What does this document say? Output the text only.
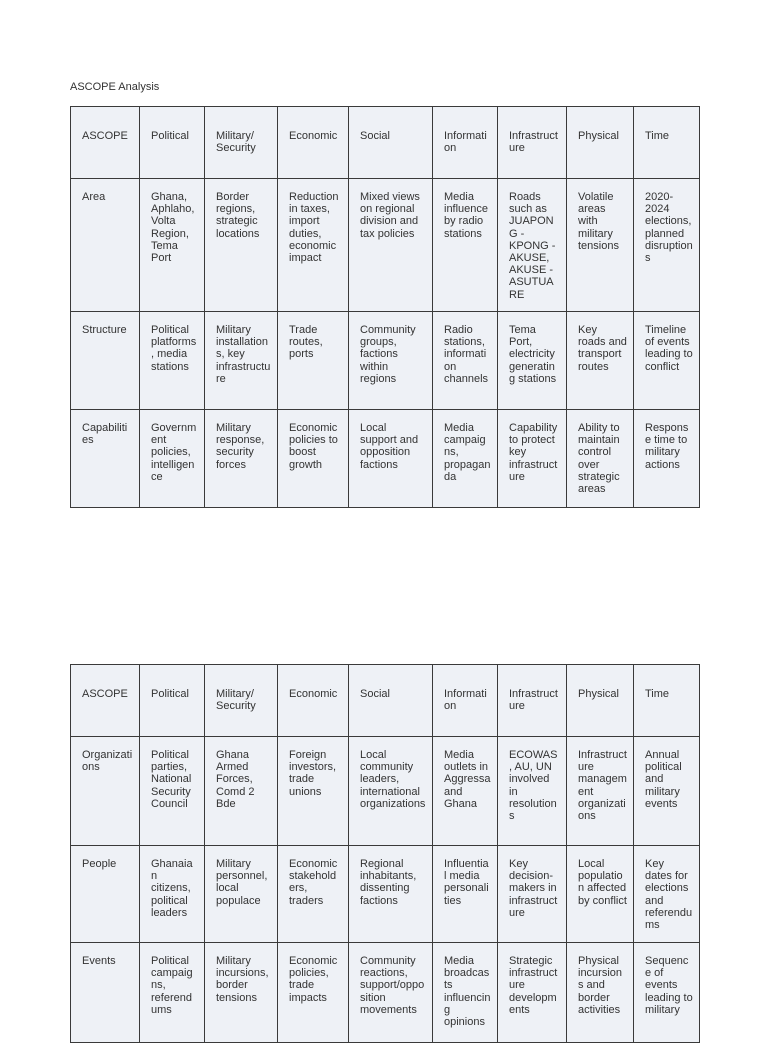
ASCOPE Analysis
ASCOPE	Political	Military/ Security	Economic	Social	Information	Infrastructure	Physical	Time
Area	Ghana, Aphlaho, Volta Region, Tema Port	Border regions, strategic locations	Reduction in taxes, import duties, economic impact	Mixed views on regional division and tax policies	Media influence by radio stations	Roads such as JUAPONG - KPONG - AKUSE, AKUSE - ASUTUARE	Volatile areas with military tensions	2020-2024 elections, planned disruptions
Structure	Political platforms, media stations	Military installations, key infrastructure	Trade routes, ports	Community groups, factions within regions	Radio stations, information channels	Tema Port, electricity generating stations	Key roads and transport routes	Timeline of events leading to conflict
Capabilities	Government policies, intelligence	Military response, security forces	Economic policies to boost growth	Local support and opposition factions	Media campaigns, propaganda	Capability to protect key infrastructure	Ability to maintain control over strategic areas	Response time to military actions
ASCOPE	Political	Military/ Security	Economic	Social	Information	Infrastructure	Physical	Time
Organizations	Political parties, National Security Council	Ghana Armed Forces, Comd 2 Bde	Foreign investors, trade unions	Local community leaders, international organizations	Media outlets in Aggressa and Ghana	ECOWAS, AU, UN involved in resolutions	Infrastructure management organizations	Annual political and military events
People	Ghanaian citizens, political leaders	Military personnel, local populace	Economic stakeholders, traders	Regional inhabitants, dissenting factions	Influential media personalities	Key decision-makers in infrastructure	Local population affected by conflict	Key dates for elections and referendums
Events	Political campaigns, referendums	Military incursions, border tensions	Economic policies, trade impacts	Community reactions, support/opposition movements	Media broadcasts influencing opinions	Strategic infrastructure developments	Physical incursions and border activities	Sequence of events leading to military
